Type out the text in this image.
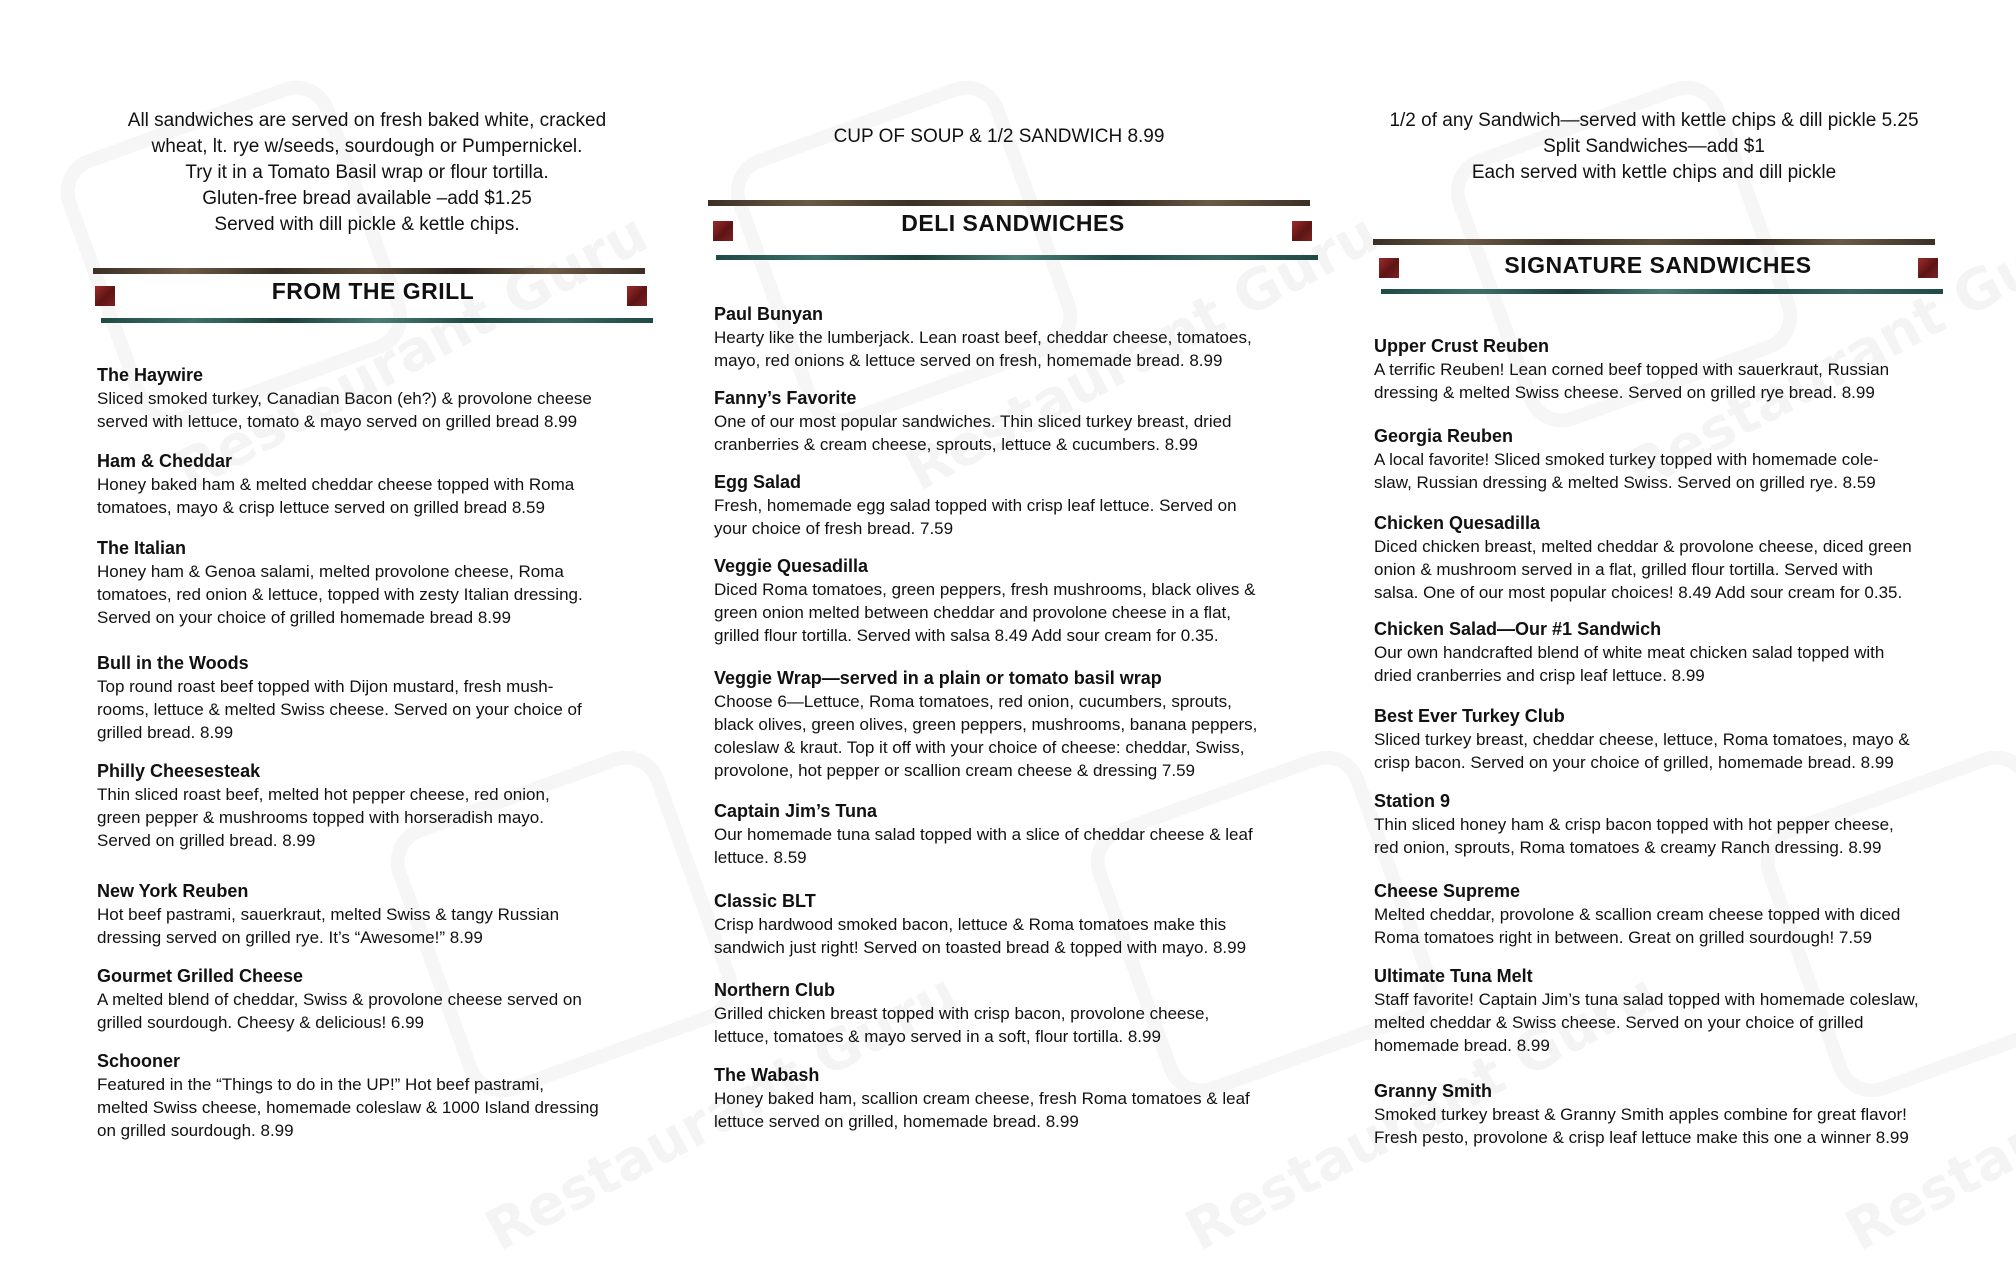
All sandwiches are served on fresh baked white, cracked
wheat, lt. rye w/seeds, sourdough or Pumpernickel.
Try it in a Tomato Basil wrap or flour tortilla.
Gluten-free bread available –add $1.25
Served with dill pickle & kettle chips.
FROM THE GRILL
The Haywire
Sliced smoked turkey, Canadian Bacon (eh?) & provolone cheese
served with lettuce, tomato & mayo served on grilled bread 8.99
Ham & Cheddar
Honey baked ham & melted cheddar cheese topped with Roma
tomatoes, mayo & crisp lettuce served on grilled bread 8.59
The Italian
Honey ham & Genoa salami, melted provolone cheese, Roma
tomatoes, red onion & lettuce, topped with zesty Italian dressing.
Served on your choice of grilled homemade bread 8.99
Bull in the Woods
Top round roast beef topped with Dijon mustard, fresh mush-
rooms, lettuce & melted Swiss cheese. Served on your choice of
grilled bread. 8.99
Philly Cheesesteak
Thin sliced roast beef, melted hot pepper cheese, red onion,
green pepper & mushrooms topped with horseradish mayo.
Served on grilled bread. 8.99
New York Reuben
Hot beef pastrami, sauerkraut, melted Swiss & tangy Russian
dressing served on grilled rye. It’s “Awesome!” 8.99
Gourmet Grilled Cheese
A melted blend of cheddar, Swiss & provolone cheese served on
grilled sourdough. Cheesy & delicious! 6.99
Schooner
Featured in the “Things to do in the UP!” Hot beef pastrami,
melted Swiss cheese, homemade coleslaw & 1000 Island dressing
on grilled sourdough. 8.99
CUP OF SOUP & 1/2 SANDWICH 8.99
DELI SANDWICHES
Paul Bunyan
Hearty like the lumberjack. Lean roast beef, cheddar cheese, tomatoes,
mayo, red onions & lettuce served on fresh, homemade bread. 8.99
Fanny’s Favorite
One of our most popular sandwiches. Thin sliced turkey breast, dried
cranberries & cream cheese, sprouts, lettuce & cucumbers. 8.99
Egg Salad
Fresh, homemade egg salad topped with crisp leaf lettuce. Served on
your choice of fresh bread. 7.59
Veggie Quesadilla
Diced Roma tomatoes, green peppers, fresh mushrooms, black olives &
green onion melted between cheddar and provolone cheese in a flat,
grilled flour tortilla. Served with salsa 8.49 Add sour cream for 0.35.
Veggie Wrap—served in a plain or tomato basil wrap
Choose 6—Lettuce, Roma tomatoes, red onion, cucumbers, sprouts,
black olives, green olives, green peppers, mushrooms, banana peppers,
coleslaw & kraut. Top it off with your choice of cheese: cheddar, Swiss,
provolone, hot pepper or scallion cream cheese & dressing 7.59
Captain Jim’s Tuna
Our homemade tuna salad topped with a slice of cheddar cheese & leaf
lettuce. 8.59
Classic BLT
Crisp hardwood smoked bacon, lettuce & Roma tomatoes make this
sandwich just right! Served on toasted bread & topped with mayo. 8.99
Northern Club
Grilled chicken breast topped with crisp bacon, provolone cheese,
lettuce, tomatoes & mayo served in a soft, flour tortilla. 8.99
The Wabash
Honey baked ham, scallion cream cheese, fresh Roma tomatoes & leaf
lettuce served on grilled, homemade bread. 8.99
1/2 of any Sandwich—served with kettle chips & dill pickle 5.25
Split Sandwiches—add $1
Each served with kettle chips and dill pickle
SIGNATURE SANDWICHES
Upper Crust Reuben
A terrific Reuben! Lean corned beef topped with sauerkraut, Russian
dressing & melted Swiss cheese. Served on grilled rye bread. 8.99
Georgia Reuben
A local favorite! Sliced smoked turkey topped with homemade cole-
slaw, Russian dressing & melted Swiss. Served on grilled rye. 8.59
Chicken Quesadilla
Diced chicken breast, melted cheddar & provolone cheese, diced green
onion & mushroom served in a flat, grilled flour tortilla. Served with
salsa. One of our most popular choices! 8.49 Add sour cream for 0.35.
Chicken Salad—Our #1 Sandwich
Our own handcrafted blend of white meat chicken salad topped with
dried cranberries and crisp leaf lettuce. 8.99
Best Ever Turkey Club
Sliced turkey breast, cheddar cheese, lettuce, Roma tomatoes, mayo &
crisp bacon. Served on your choice of grilled, homemade bread. 8.99
Station 9
Thin sliced honey ham & crisp bacon topped with hot pepper cheese,
red onion, sprouts, Roma tomatoes & creamy Ranch dressing. 8.99
Cheese Supreme
Melted cheddar, provolone & scallion cream cheese topped with diced
Roma tomatoes right in between. Great on grilled sourdough! 7.59
Ultimate Tuna Melt
Staff favorite! Captain Jim’s tuna salad topped with homemade coleslaw,
melted cheddar & Swiss cheese. Served on your choice of grilled
homemade bread. 8.99
Granny Smith
Smoked turkey breast & Granny Smith apples combine for great flavor!
Fresh pesto, provolone & crisp leaf lettuce make this one a winner 8.99
